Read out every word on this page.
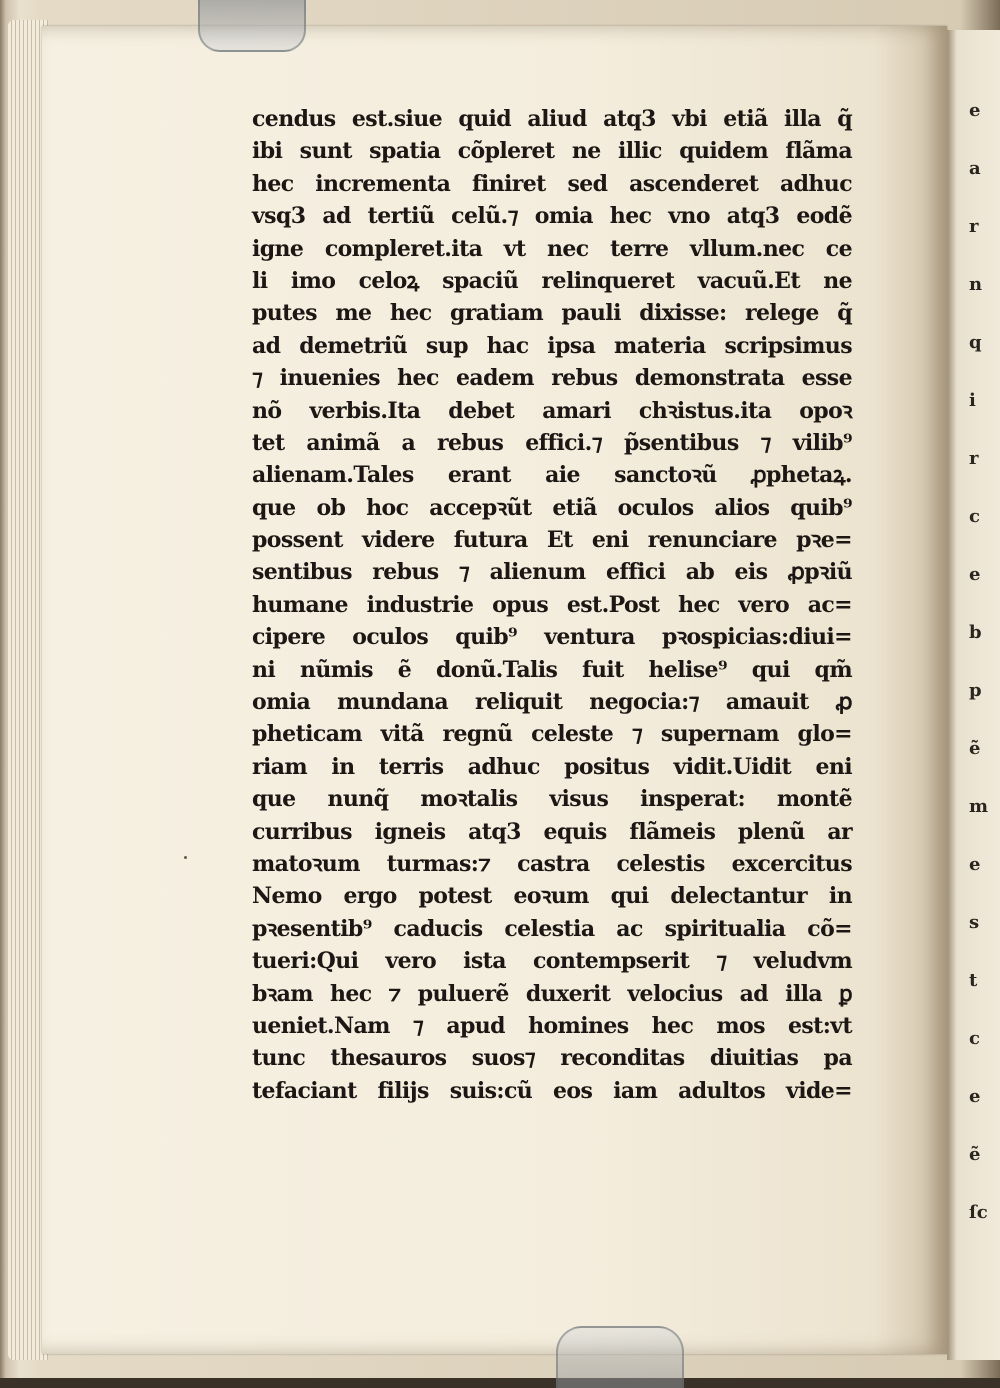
cendus est.siue quid aliud atq3 vbi etiã illa q̃
ibi sunt spatia cõpleret ne illic quidem flãma
hec incrementa finiret sed ascenderet adhuc
vsq3 ad tertiũ celũ.⁊ omia hec vno atq3 eodẽ
igne compleret.ita vt nec terre vllum.nec ce
li imo celoꝝ spaciũ relinqueret vacuũ.Et ne
putes me hec gratiam pauli dixisse: relege q̃
ad demetriũ sup hac ipsa materia scripsimus
⁊ inuenies hec eadem rebus demonstrata esse
nõ verbis.Ita debet amari chꝛistus.ita opoꝛ
tet animã a rebus effici.⁊ p̃sentibus ⁊ vilib⁹
alienam.Tales erant aie sanctoꝛũ ꝓphetaꝝ.
que ob hoc accepꝛũt etiã oculos alios quib⁹
possent videre futura Et eni renunciare pꝛe=
sentibus rebus ⁊ alienum effici ab eis ꝓpꝛiũ
humane industrie opus est.Post hec vero ac=
cipere oculos quib⁹ ventura pꝛospicias:diui=
ni nũmis ẽ donũ.Talis fuit helise⁹ qui qm̃
omia mundana reliquit negocia:⁊ amauit ꝓ
pheticam vitã regnũ celeste ⁊ supernam glo=
riam in terris adhuc positus vidit.Uidit eni
que nunq̃ moꝛtalis visus insperat: montẽ
curribus igneis atq3 equis flãmeis plenũ ar
matoꝛum turmas:⁊ castra celestis excercitus
Nemo ergo potest eoꝛum qui delectantur in
pꝛesentib⁹ caducis celestia ac spiritualia cõ=
tueri:Qui vero ista contempserit ⁊ veludvm
bꝛam hec ⁊ puluerẽ duxerit velocius ad illa ꝑ
ueniet.Nam ⁊ apud homines hec mos est:vt
tunc thesauros suos⁊ reconditas diuitias pa
tefaciant filijs suis:cũ eos iam adultos vide=
e
a
r
n
q
i
r
c
e
b
p
ẽ
m
e
s
t
c
e
ẽ
ſc
